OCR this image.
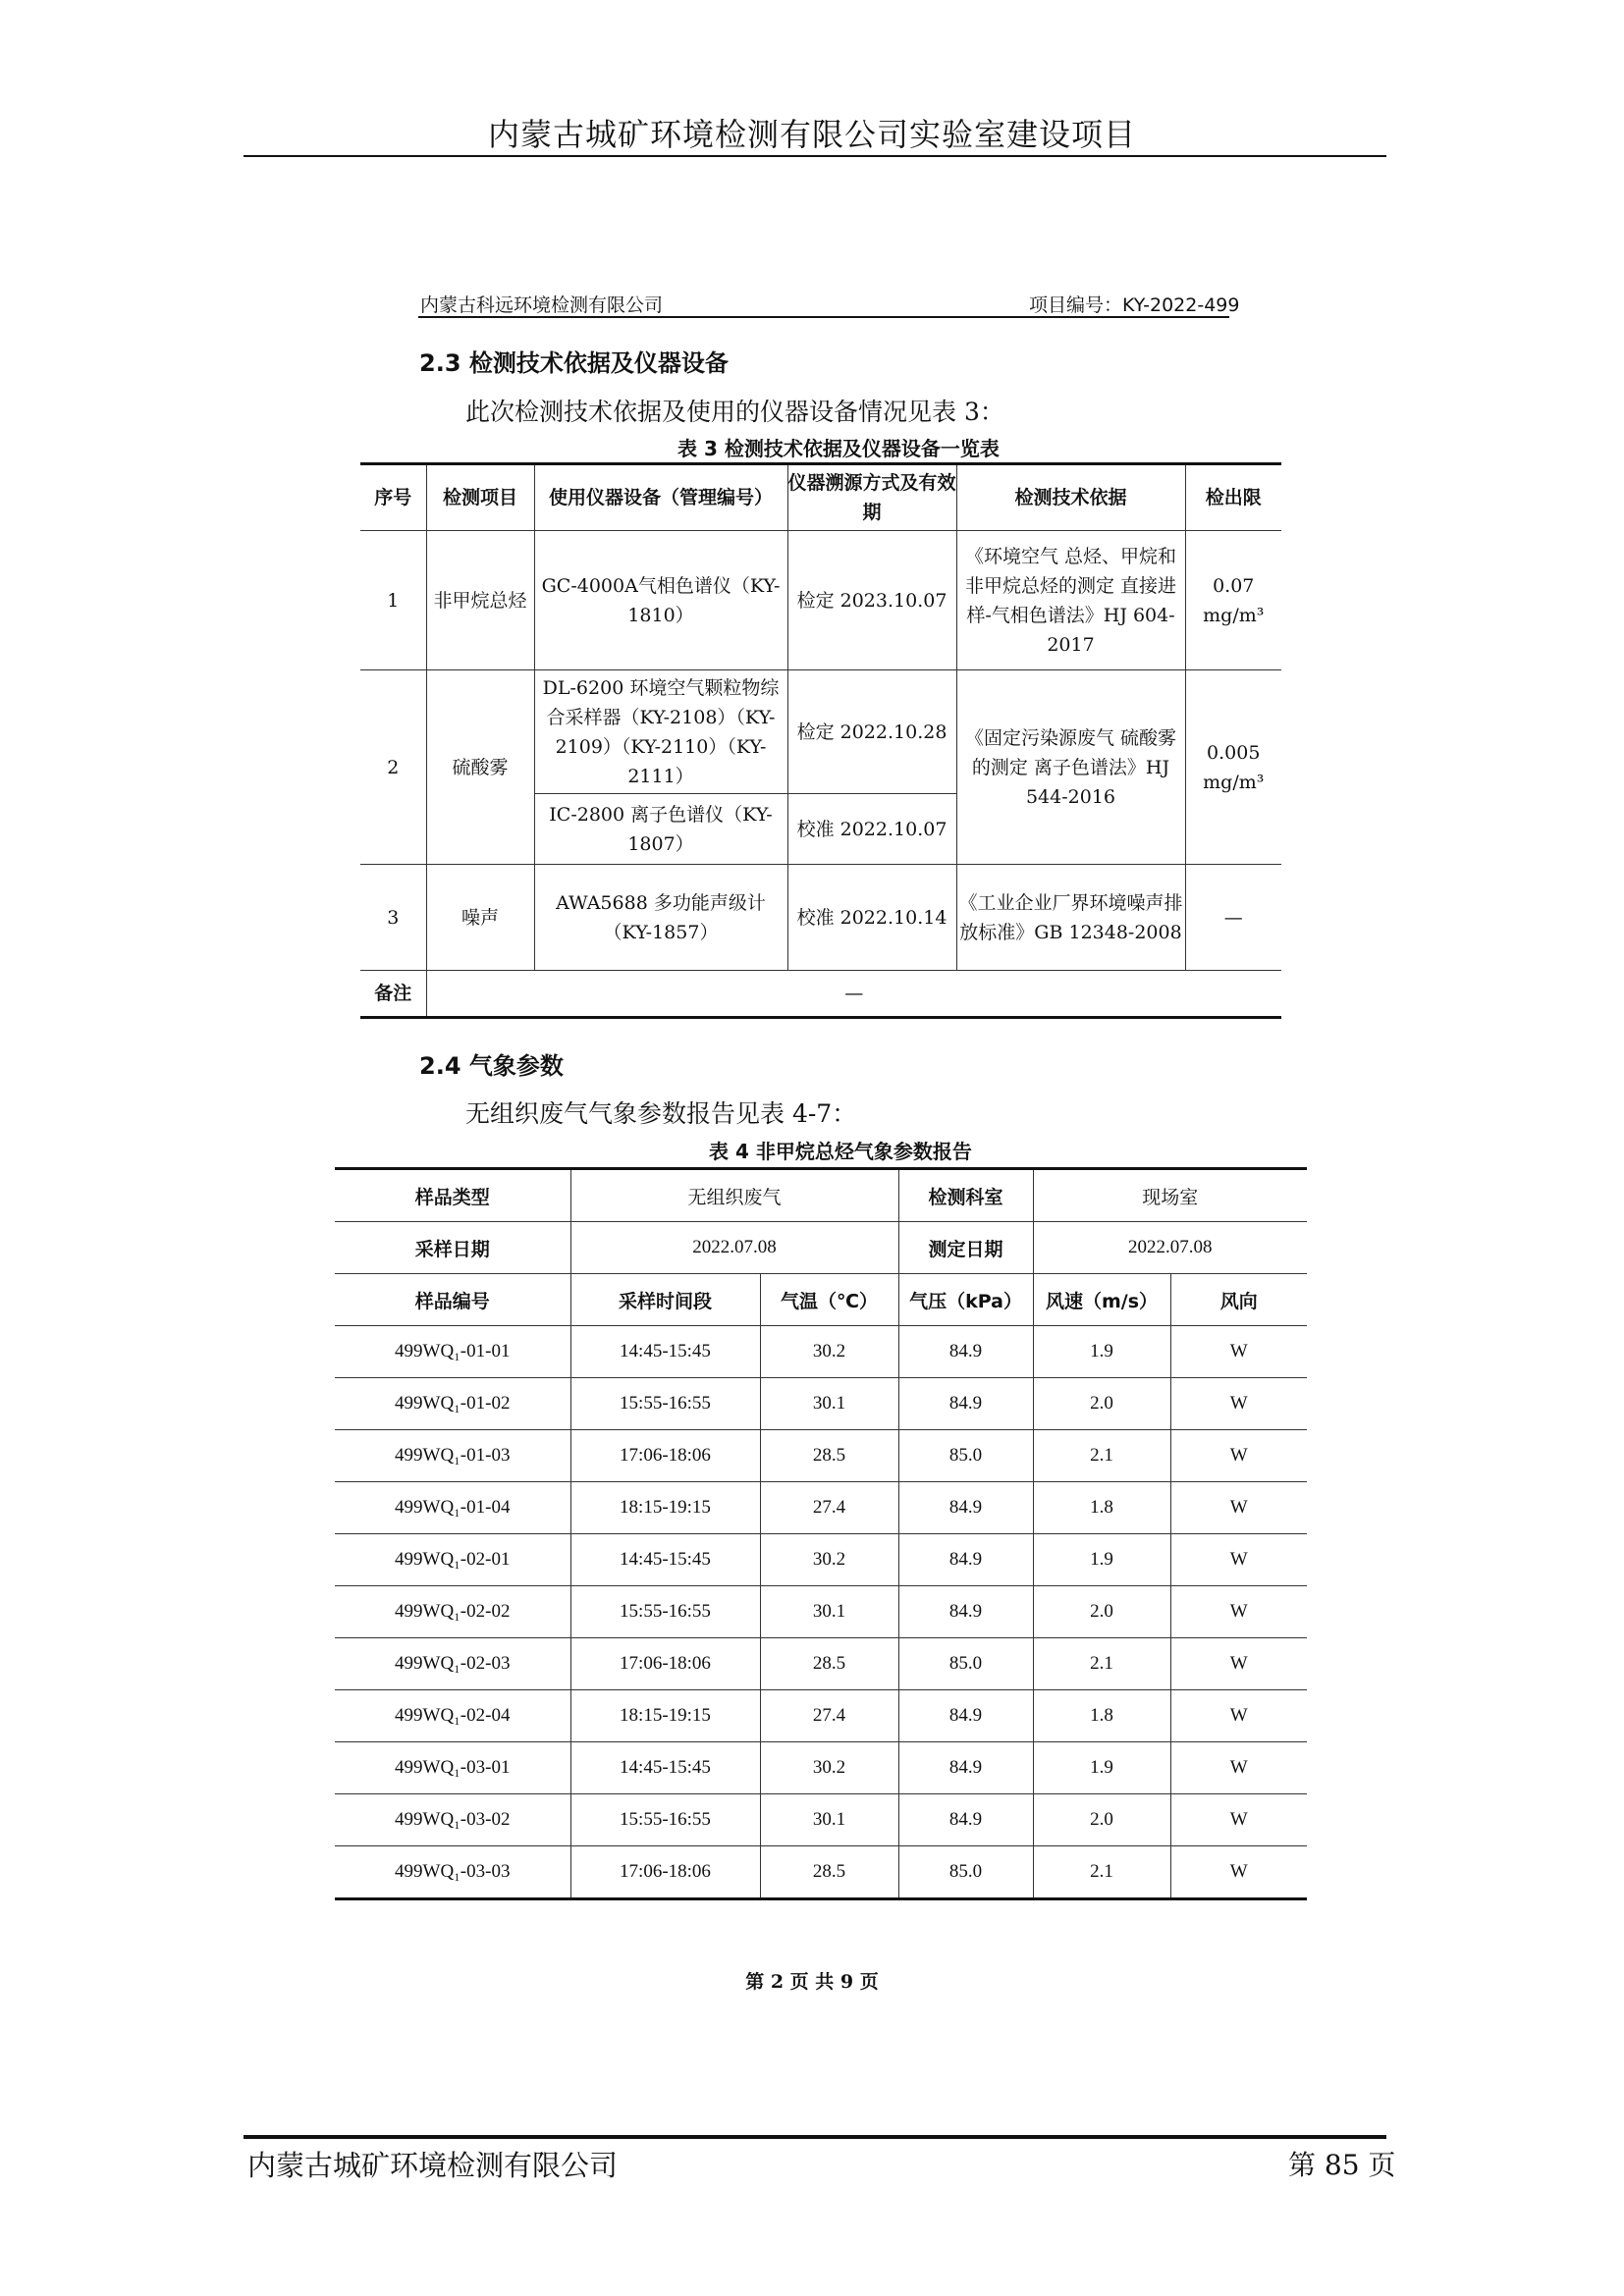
内蒙古城矿环境检测有限公司实验室建设项目
内蒙古科远环境检测有限公司	项目编号：KY-2022-499
2.3 检测技术依据及仪器设备
此次检测技术依据及使用的仪器设备情况见表 3：
表 3 检测技术依据及仪器设备一览表
序号	检测项目	使用仪器设备（管理编号）	仪器溯源方式及有效期	检测技术依据	检出限
1	非甲烷总烃	GC-4000A气相色谱仪（KY-1810）	检定 2023.10.07	《环境空气 总烃、甲烷和非甲烷总烃的测定 直接进样-气相色谱法》HJ 604-2017	0.07 mg/m³
2	硫酸雾	DL-6200 环境空气颗粒物综合采样器（KY-2108）（KY-2109）（KY-2110）（KY-2111）	检定 2022.10.28	《固定污染源废气 硫酸雾的测定 离子色谱法》HJ 544-2016	0.005 mg/m³
		IC-2800 离子色谱仪（KY-1807）	校准 2022.10.07		
3	噪声	AWA5688 多功能声级计（KY-1857）	校准 2022.10.14	《工业企业厂界环境噪声排放标准》GB 12348-2008	—
备注	—				
2.4 气象参数
无组织废气气象参数报告见表 4-7：
表 4 非甲烷总烃气象参数报告
样品类型	无组织废气		检测科室	现场室	
采样日期	2022.07.08		测定日期	2022.07.08	
样品编号	采样时间段	气温（℃）	气压（kPa）	风速（m/s）	风向
499WQ₁-01-01	14:45-15:45	30.2	84.9	1.9	W
499WQ₁-01-02	15:55-16:55	30.1	84.9	2.0	W
499WQ₁-01-03	17:06-18:06	28.5	85.0	2.1	W
499WQ₁-01-04	18:15-19:15	27.4	84.9	1.8	W
499WQ₁-02-01	14:45-15:45	30.2	84.9	1.9	W
499WQ₁-02-02	15:55-16:55	30.1	84.9	2.0	W
499WQ₁-02-03	17:06-18:06	28.5	85.0	2.1	W
499WQ₁-02-04	18:15-19:15	27.4	84.9	1.8	W
499WQ₁-03-01	14:45-15:45	30.2	84.9	1.9	W
499WQ₁-03-02	15:55-16:55	30.1	84.9	2.0	W
499WQ₁-03-03	17:06-18:06	28.5	85.0	2.1	W
第 2 页 共 9 页
内蒙古城矿环境检测有限公司	第 85 页
